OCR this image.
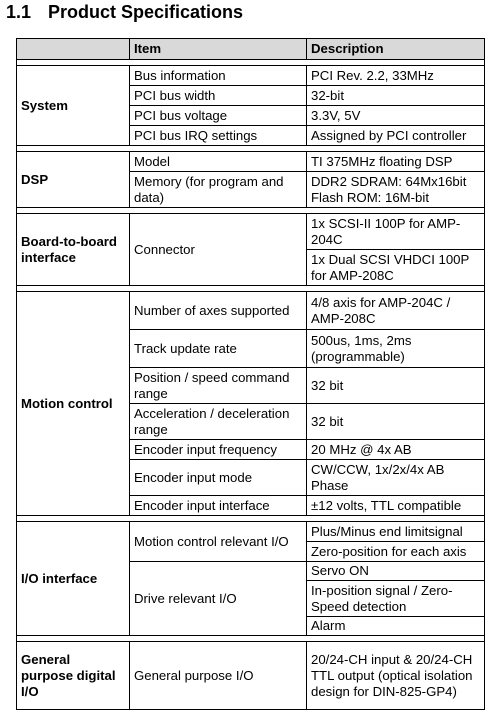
1.1 Product Specifications
	Item	Description

System	Bus information	PCI Rev. 2.2, 33MHz
	PCI bus width	32-bit
	PCI bus voltage	3.3V, 5V
	PCI bus IRQ settings	Assigned by PCI controller

DSP	Model	TI 375MHz floating DSP
	Memory (for program and data)	DDR2 SDRAM: 64Mx16bit Flash ROM: 16M-bit

Board-to-board interface	Connector	1x SCSI-II 100P for AMP-204C
		1x Dual SCSI VHDCI 100P for AMP-208C

Motion control	Number of axes supported	4/8 axis for AMP-204C / AMP-208C
	Track update rate	500us, 1ms, 2ms (programmable)
	Position / speed command range	32 bit
	Acceleration / deceleration range	32 bit
	Encoder input frequency	20 MHz @ 4x AB
	Encoder input mode	CW/CCW, 1x/2x/4x AB Phase
	Encoder input interface	±12 volts, TTL compatible

I/O interface	Motion control relevant I/O	Plus/Minus end limitsignal
		Zero-position for each axis
	Drive relevant I/O	Servo ON
		In-position signal / Zero-Speed detection
		Alarm

General purpose digital I/O	General purpose I/O	20/24-CH input & 20/24-CH TTL output (optical isolation design for DIN-825-GP4)
